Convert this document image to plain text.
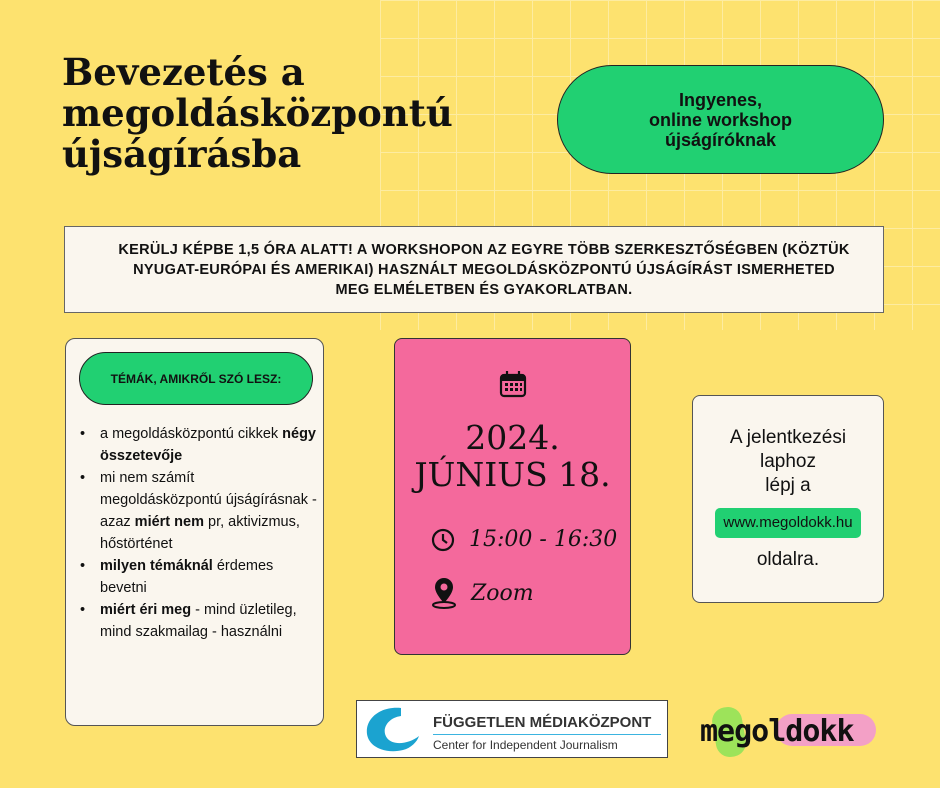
Bevezetés a
megoldásközpontú
újságírásba
Ingyenes,
online workshop
újságíróknak
KERÜLJ KÉPBE 1,5 ÓRA ALATT! A WORKSHOPON AZ EGYRE TÖBB SZERKESZTŐSÉGBEN (KÖZTÜK
NYUGAT-EURÓPAI ÉS AMERIKAI) HASZNÁLT MEGOLDÁSKÖZPONTÚ ÚJSÁGÍRÁST ISMERHETED
MEG ELMÉLETBEN ÉS GYAKORLATBAN.
TÉMÁK, AMIKRŐL SZÓ LESZ:
• a megoldásközpontú cikkek négy összetevője
• mi nem számít megoldásközpontú újságírásnak - azaz miért nem pr, aktivizmus, hőstörténet
• milyen témáknál érdemes bevetni
• miért éri meg - mind üzletileg, mind szakmailag - használni
2024.
JÚNIUS 18.
15:00 - 16:30
Zoom
A jelentkezési
laphoz
lépj a
www.megoldokk.hu
oldalra.
FÜGGETLEN MÉDIAKÖZPONT
Center for Independent Journalism	megoldokk
